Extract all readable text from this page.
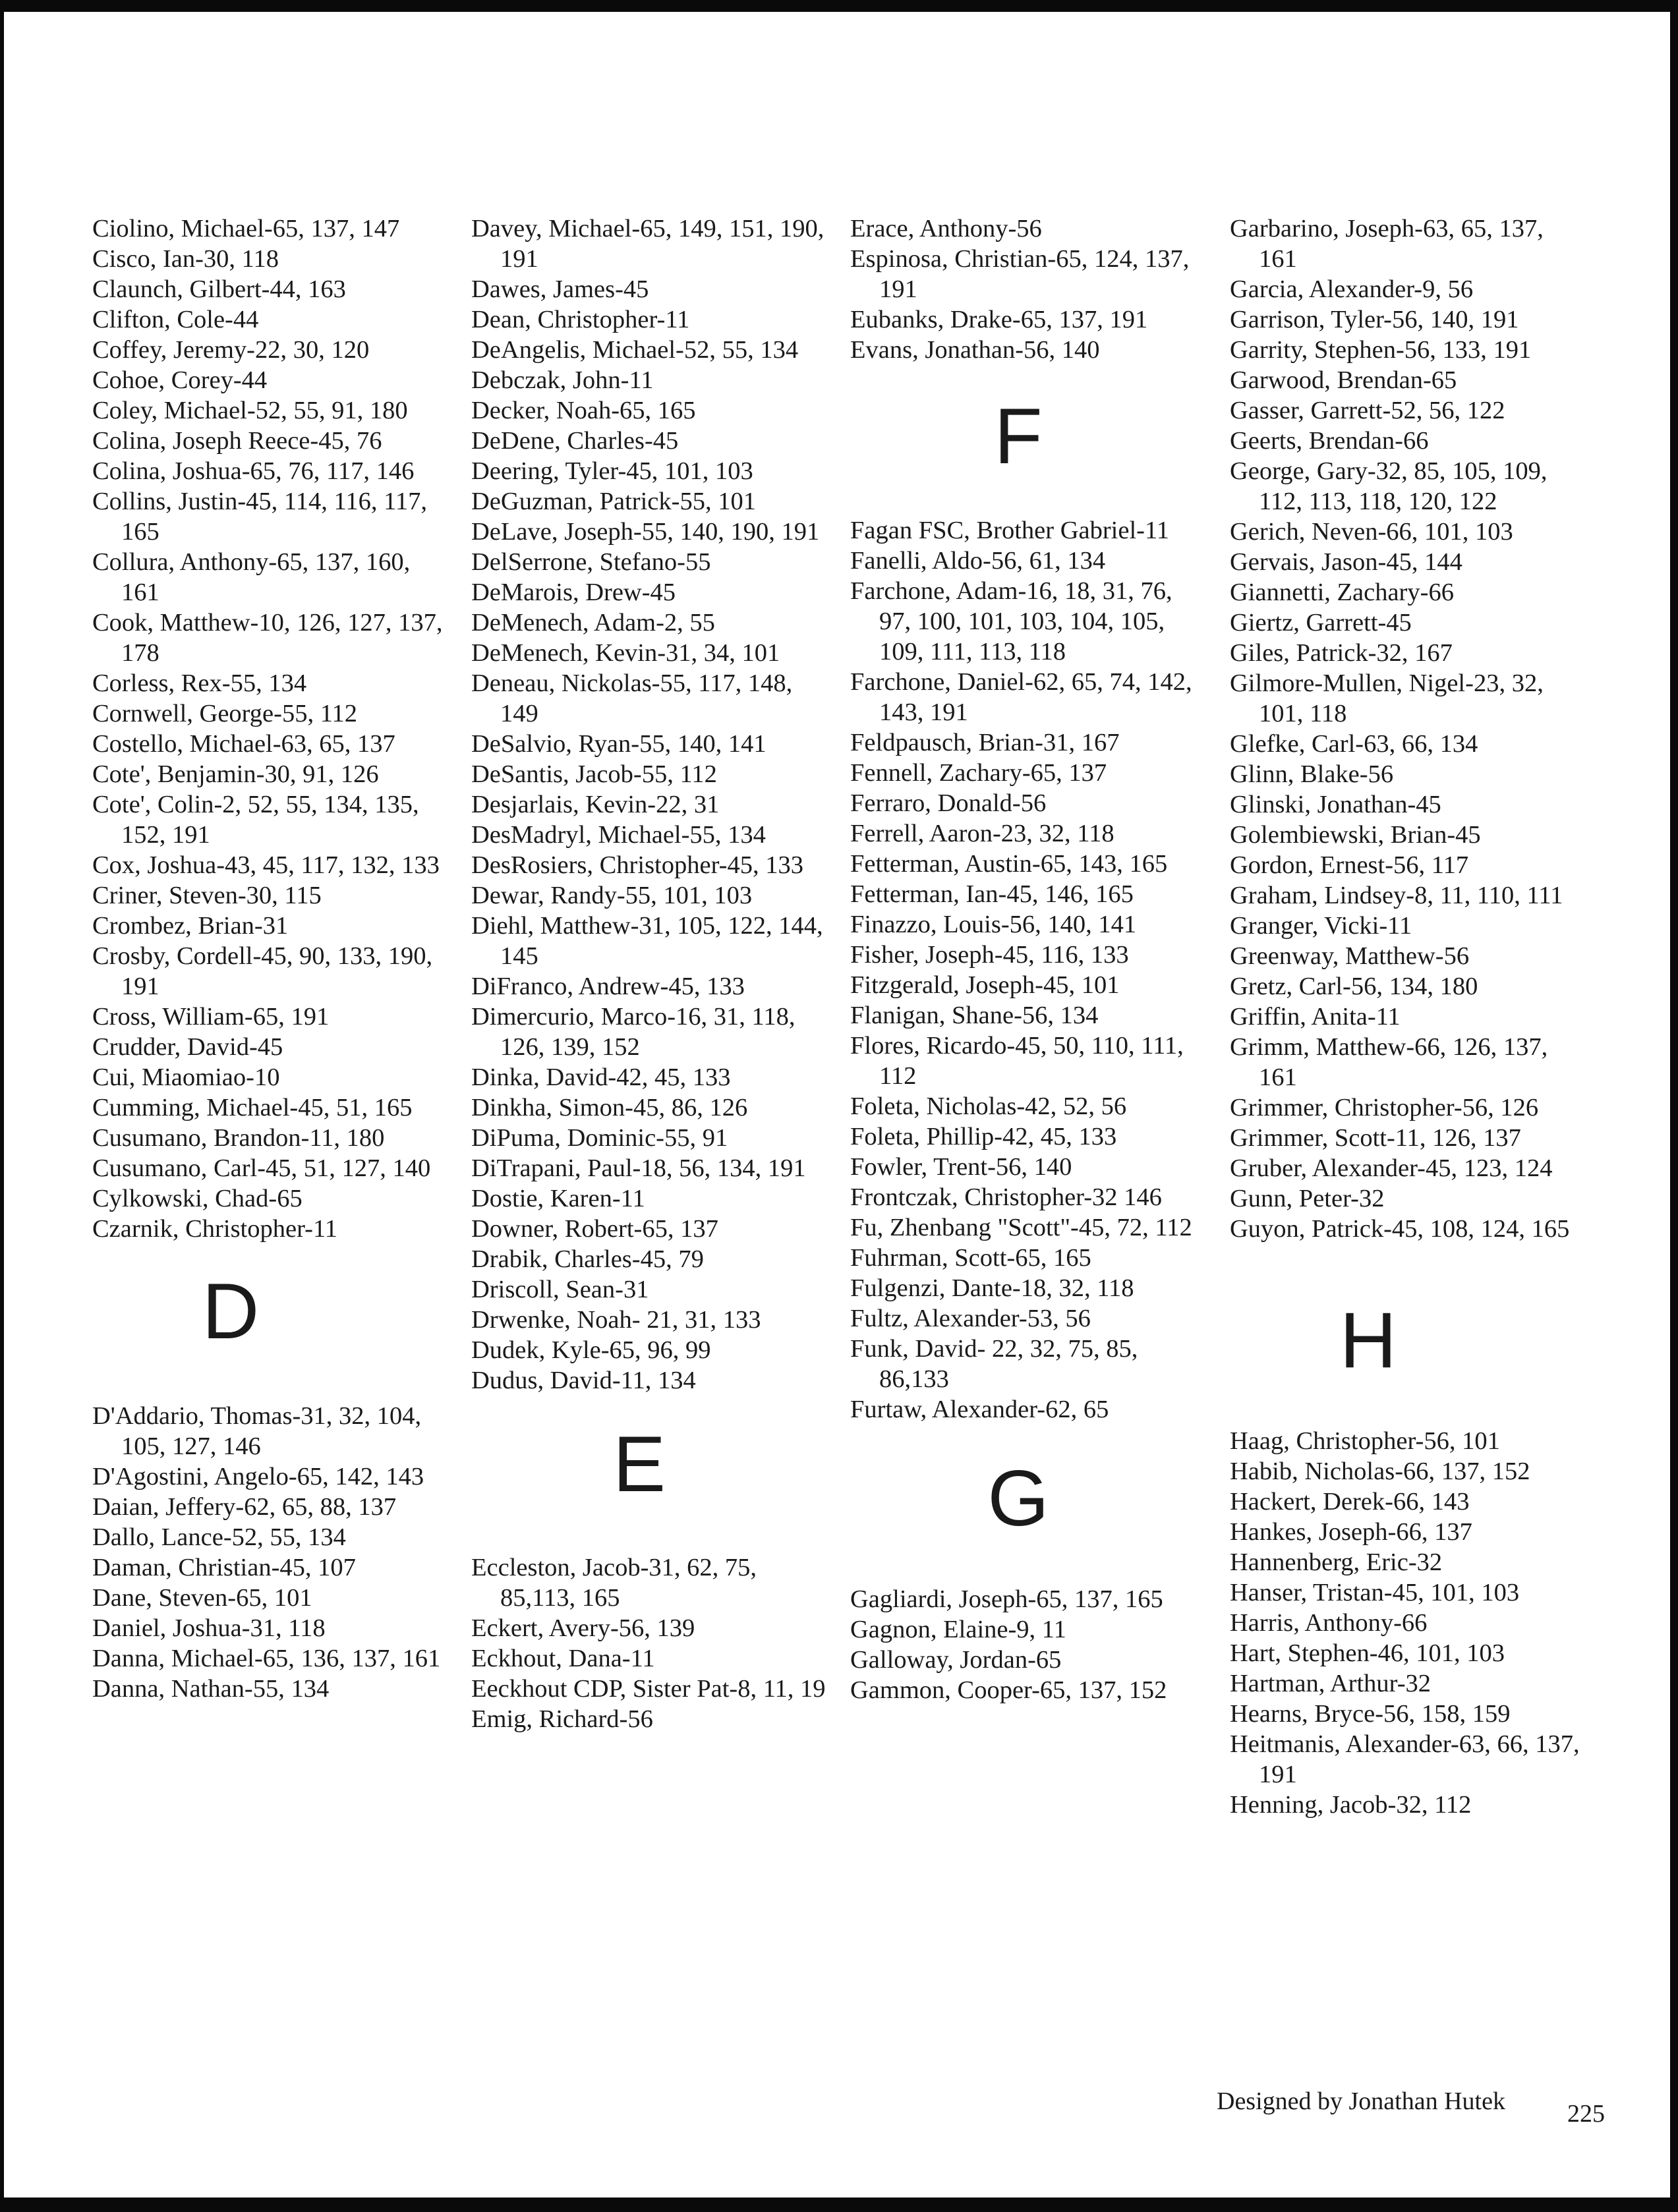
Ciolino, Michael-65, 137, 147
Cisco, Ian-30, 118
Claunch, Gilbert-44, 163
Clifton, Cole-44
Coffey, Jeremy-22, 30, 120
Cohoe, Corey-44
Coley, Michael-52, 55, 91, 180
Colina, Joseph Reece-45, 76
Colina, Joshua-65, 76, 117, 146
Collins, Justin-45, 114, 116, 117, 165
Collura, Anthony-65, 137, 160, 161
Cook, Matthew-10, 126, 127, 137, 178
Corless, Rex-55, 134
Cornwell, George-55, 112
Costello, Michael-63, 65, 137
Cote', Benjamin-30, 91, 126
Cote', Colin-2, 52, 55, 134, 135, 152, 191
Cox, Joshua-43, 45, 117, 132, 133
Criner, Steven-30, 115
Crombez, Brian-31
Crosby, Cordell-45, 90, 133, 190, 191
Cross, William-65, 191
Crudder, David-45
Cui, Miaomiao-10
Cumming, Michael-45, 51, 165
Cusumano, Brandon-11, 180
Cusumano, Carl-45, 51, 127, 140
Cylkowski, Chad-65
Czarnik, Christopher-11
D
D'Addario, Thomas-31, 32, 104, 105, 127, 146
D'Agostini, Angelo-65, 142, 143
Daian, Jeffery-62, 65, 88, 137
Dallo, Lance-52, 55, 134
Daman, Christian-45, 107
Dane, Steven-65, 101
Daniel, Joshua-31, 118
Danna, Michael-65, 136, 137, 161
Danna, Nathan-55, 134
Davey, Michael-65, 149, 151, 190, 191
Dawes, James-45
Dean, Christopher-11
DeAngelis, Michael-52, 55, 134
Debczak, John-11
Decker, Noah-65, 165
DeDene, Charles-45
Deering, Tyler-45, 101, 103
DeGuzman, Patrick-55, 101
DeLave, Joseph-55, 140, 190, 191
DelSerrone, Stefano-55
DeMarois, Drew-45
DeMenech, Adam-2, 55
DeMenech, Kevin-31, 34, 101
Deneau, Nickolas-55, 117, 148, 149
DeSalvio, Ryan-55, 140, 141
DeSantis, Jacob-55, 112
Desjarlais, Kevin-22, 31
DesMadryl, Michael-55, 134
DesRosiers, Christopher-45, 133
Dewar, Randy-55, 101, 103
Diehl, Matthew-31, 105, 122, 144, 145
DiFranco, Andrew-45, 133
Dimercurio, Marco-16, 31, 118, 126, 139, 152
Dinka, David-42, 45, 133
Dinkha, Simon-45, 86, 126
DiPuma, Dominic-55, 91
DiTrapani, Paul-18, 56, 134, 191
Dostie, Karen-11
Downer, Robert-65, 137
Drabik, Charles-45, 79
Driscoll, Sean-31
Drwenke, Noah- 21, 31, 133
Dudek, Kyle-65, 96, 99
Dudus, David-11, 134
E
Eccleston, Jacob-31, 62, 75, 85,113, 165
Eckert, Avery-56, 139
Eckhout, Dana-11
Eeckhout CDP, Sister Pat-8, 11, 19
Emig, Richard-56
Erace, Anthony-56
Espinosa, Christian-65, 124, 137, 191
Eubanks, Drake-65, 137, 191
Evans, Jonathan-56, 140
F
Fagan FSC, Brother Gabriel-11
Fanelli, Aldo-56, 61, 134
Farchone, Adam-16, 18, 31, 76, 97, 100, 101, 103, 104, 105, 109, 111, 113, 118
Farchone, Daniel-62, 65, 74, 142, 143, 191
Feldpausch, Brian-31, 167
Fennell, Zachary-65, 137
Ferraro, Donald-56
Ferrell, Aaron-23, 32, 118
Fetterman, Austin-65, 143, 165
Fetterman, Ian-45, 146, 165
Finazzo, Louis-56, 140, 141
Fisher, Joseph-45, 116, 133
Fitzgerald, Joseph-45, 101
Flanigan, Shane-56, 134
Flores, Ricardo-45, 50, 110, 111, 112
Foleta, Nicholas-42, 52, 56
Foleta, Phillip-42, 45, 133
Fowler, Trent-56, 140
Frontczak, Christopher-32 146
Fu, Zhenbang "Scott"-45, 72, 112
Fuhrman, Scott-65, 165
Fulgenzi, Dante-18, 32, 118
Fultz, Alexander-53, 56
Funk, David- 22, 32, 75, 85, 86,133
Furtaw, Alexander-62, 65
G
Gagliardi, Joseph-65, 137, 165
Gagnon, Elaine-9, 11
Galloway, Jordan-65
Gammon, Cooper-65, 137, 152
Garbarino, Joseph-63, 65, 137, 161
Garcia, Alexander-9, 56
Garrison, Tyler-56, 140, 191
Garrity, Stephen-56, 133, 191
Garwood, Brendan-65
Gasser, Garrett-52, 56, 122
Geerts, Brendan-66
George, Gary-32, 85, 105, 109, 112, 113, 118, 120, 122
Gerich, Neven-66, 101, 103
Gervais, Jason-45, 144
Giannetti, Zachary-66
Giertz, Garrett-45
Giles, Patrick-32, 167
Gilmore-Mullen, Nigel-23, 32, 101, 118
Glefke, Carl-63, 66, 134
Glinn, Blake-56
Glinski, Jonathan-45
Golembiewski, Brian-45
Gordon, Ernest-56, 117
Graham, Lindsey-8, 11, 110, 111
Granger, Vicki-11
Greenway, Matthew-56
Gretz, Carl-56, 134, 180
Griffin, Anita-11
Grimm, Matthew-66, 126, 137, 161
Grimmer, Christopher-56, 126
Grimmer, Scott-11, 126, 137
Gruber, Alexander-45, 123, 124
Gunn, Peter-32
Guyon, Patrick-45, 108, 124, 165
H
Haag, Christopher-56, 101
Habib, Nicholas-66, 137, 152
Hackert, Derek-66, 143
Hankes, Joseph-66, 137
Hannenberg, Eric-32
Hanser, Tristan-45, 101, 103
Harris, Anthony-66
Hart, Stephen-46, 101, 103
Hartman, Arthur-32
Hearns, Bryce-56, 158, 159
Heitmanis, Alexander-63, 66, 137, 191
Henning, Jacob-32, 112
Designed by Jonathan Hutek 225
